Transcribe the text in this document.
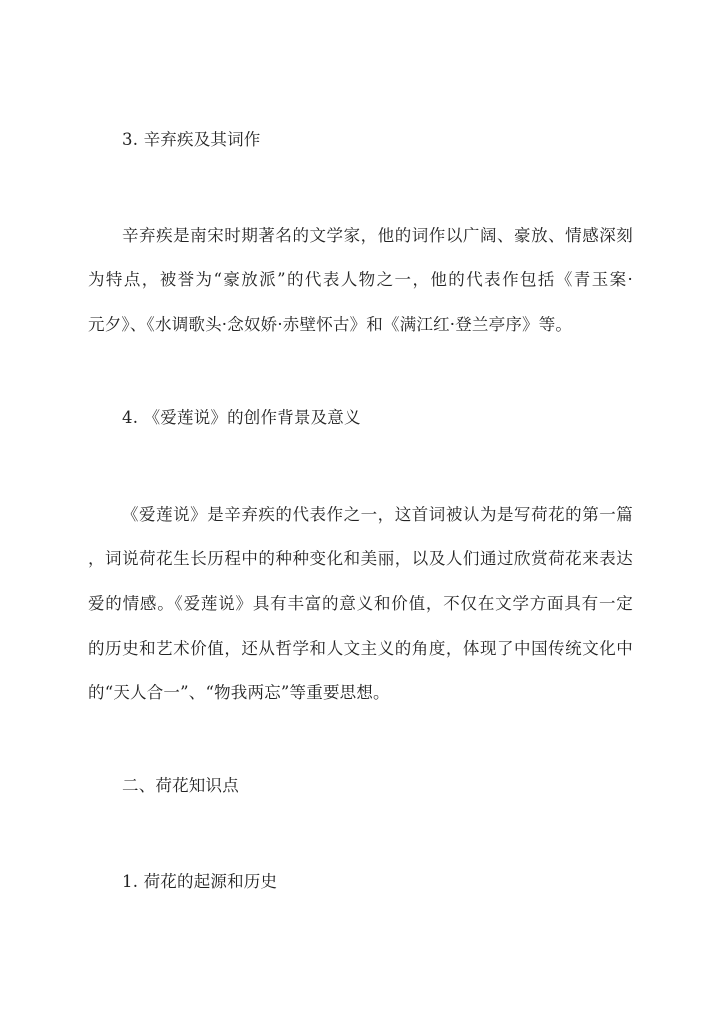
3. 辛弃疾及其词作
辛弃疾是南宋时期著名的文学家，他的词作以广阔、豪放、情感深刻
为特点，被誉为“豪放派”的代表人物之一，他的代表作包括《青玉案·
元夕》、《水调歌头·念奴娇·赤壁怀古》和《满江红·登兰亭序》等。
4. 《爱莲说》的创作背景及意义
《爱莲说》是辛弃疾的代表作之一，这首词被认为是写荷花的第一篇
，词说荷花生长历程中的种种变化和美丽，以及人们通过欣赏荷花来表达
爱的情感。《爱莲说》具有丰富的意义和价值，不仅在文学方面具有一定
的历史和艺术价值，还从哲学和人文主义的角度，体现了中国传统文化中
的“天人合一”、“物我两忘”等重要思想。
二、荷花知识点
1. 荷花的起源和历史
